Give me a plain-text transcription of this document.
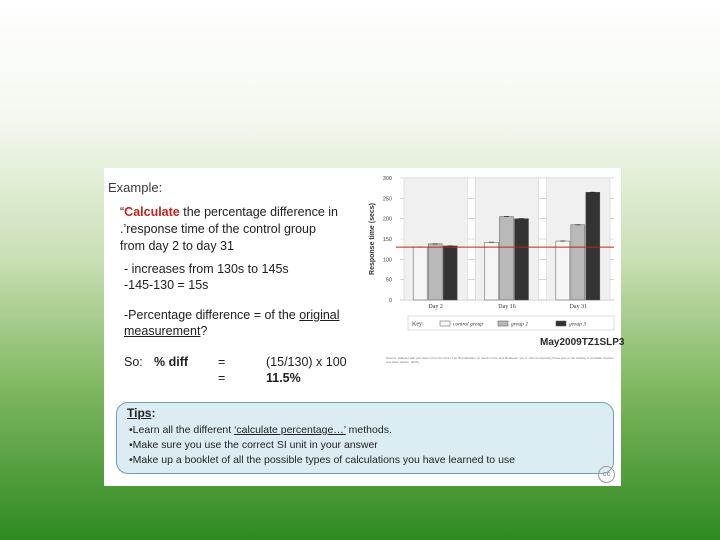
Example:
“Calculate the percentage difference in
.’response time of the control group
from day 2 to day 31
- increases from 130s to 145s
-145-130 = 15s
-Percentage difference = of the original
measurement?
So: % diff =	(15/130) x 100
=	11.5%
0
50
100
150
200
250
300
Response time (secs)
Day 2	Day 16	Day 31
Key:	control group	group 2	group 3
May2009TZ1SLP3
[Source: Adapted with permission from the work of an IB publication on reaction time and Melatonin, Vol. 6, Oxford University Press and on the reading of circadian rhythms and sleep pattern, 2006.]
Tips:
•Learn all the different ‘calculate percentage…’ methods.
•Make sure you use the correct SI unit in your answer
•Make up a booklet of all the possible types of calculations you have learned to use
cc
